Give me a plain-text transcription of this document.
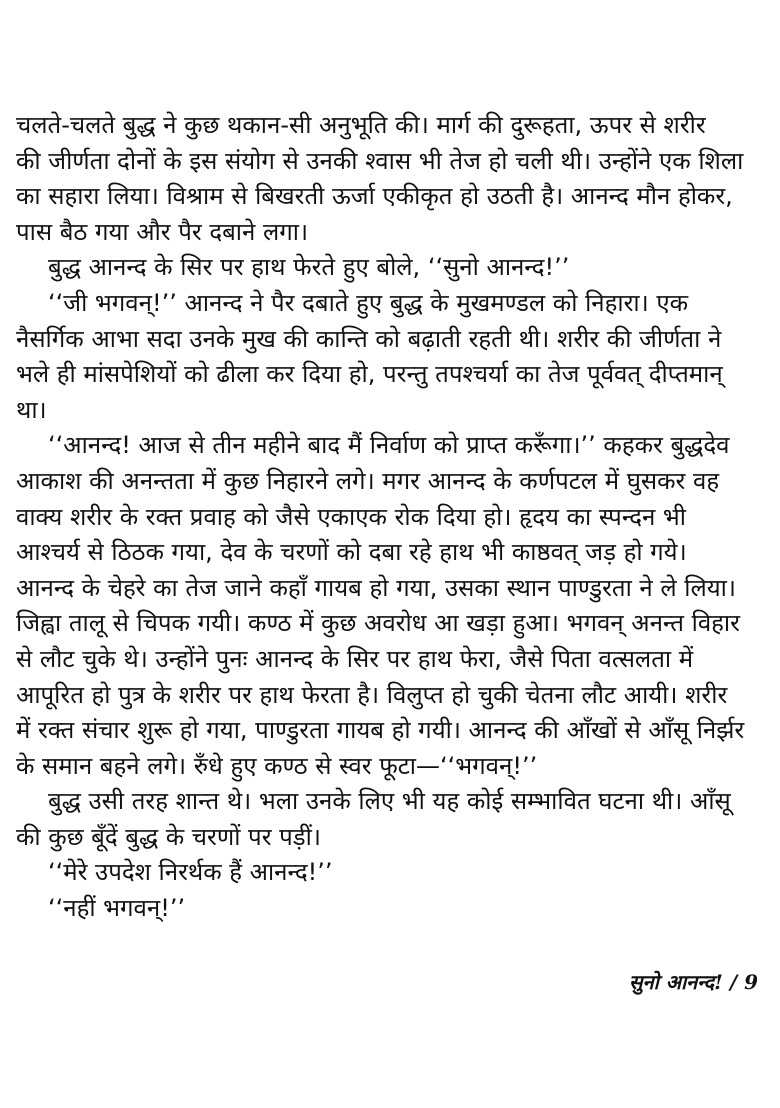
चलते-चलते बुद्ध ने कुछ थकान-सी अनुभूति की। मार्ग की दुरूहता, ऊपर से शरीर
की जीर्णता दोनों के इस संयोग से उनकी श्वास भी तेज हो चली थी। उन्होंने एक शिला
का सहारा लिया। विश्राम से बिखरती ऊर्जा एकीकृत हो उठती है। आनन्द मौन होकर,
पास बैठ गया और पैर दबाने लगा।
बुद्ध आनन्द के सिर पर हाथ फेरते हुए बोले, ‘‘सुनो आनन्द!’’
‘‘जी भगवन्!’’ आनन्द ने पैर दबाते हुए बुद्ध के मुखमण्डल को निहारा। एक
नैसर्गिक आभा सदा उनके मुख की कान्ति को बढ़ाती रहती थी। शरीर की जीर्णता ने
भले ही मांसपेशियों को ढीला कर दिया हो, परन्तु तपश्चर्या का तेज पूर्ववत् दीप्तमान्
था।
‘‘आनन्द! आज से तीन महीने बाद मैं निर्वाण को प्राप्त करूँगा।’’ कहकर बुद्धदेव
आकाश की अनन्तता में कुछ निहारने लगे। मगर आनन्द के कर्णपटल में घुसकर वह
वाक्य शरीर के रक्त प्रवाह को जैसे एकाएक रोक दिया हो। हृदय का स्पन्दन भी
आश्चर्य से ठिठक गया, देव के चरणों को दबा रहे हाथ भी काष्ठवत् जड़ हो गये।
आनन्द के चेहरे का तेज जाने कहाँ गायब हो गया, उसका स्थान पाण्डुरता ने ले लिया।
जिह्वा तालू से चिपक गयी। कण्ठ में कुछ अवरोध आ खड़ा हुआ। भगवन् अनन्त विहार
से लौट चुके थे। उन्होंने पुनः आनन्द के सिर पर हाथ फेरा, जैसे पिता वत्सलता में
आपूरित हो पुत्र के शरीर पर हाथ फेरता है। विलुप्त हो चुकी चेतना लौट आयी। शरीर
में रक्त संचार शुरू हो गया, पाण्डुरता गायब हो गयी। आनन्द की आँखों से आँसू निर्झर
के समान बहने लगे। रुँधे हुए कण्ठ से स्वर फूटा—‘‘भगवन्!’’
बुद्ध उसी तरह शान्त थे। भला उनके लिए भी यह कोई सम्भावित घटना थी। आँसू
की कुछ बूँदें बुद्ध के चरणों पर पड़ीं।
‘‘मेरे उपदेश निरर्थक हैं आनन्द!’’
‘‘नहीं भगवन्!’’
सुनो आनन्द! / 9
